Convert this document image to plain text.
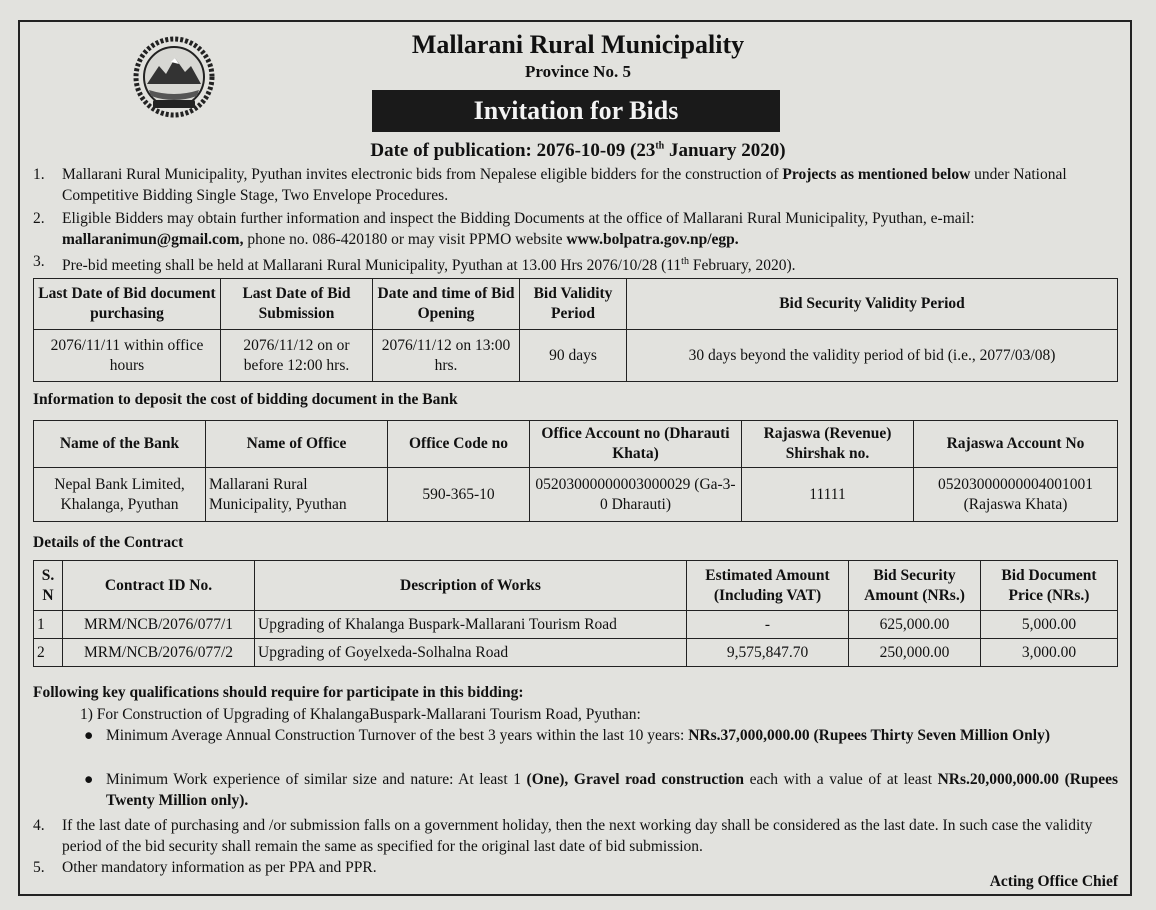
Mallarani Rural Municipality
Province No. 5
Invitation for Bids
Date of publication: 2076-10-09 (23th January 2020)
1.	Mallarani Rural Municipality, Pyuthan invites electronic bids from Nepalese eligible bidders for the construction of Projects as mentioned below under National Competitive Bidding Single Stage, Two Envelope Procedures.
2.	Eligible Bidders may obtain further information and inspect the Bidding Documents at the office of Mallarani Rural Municipality, Pyuthan, e-mail: mallaranimun@gmail.com, phone no. 086-420180 or may visit PPMO website www.bolpatra.gov.np/egp.
3.	Pre-bid meeting shall be held at Mallarani Rural Municipality, Pyuthan at 13.00 Hrs 2076/10/28 (11th February, 2020).
Last Date of Bid document purchasing	Last Date of Bid Submission	Date and time of Bid Opening	Bid Validity Period	Bid Security Validity Period
2076/11/11 within office hours	2076/11/12 on or before 12:00 hrs.	2076/11/12 on 13:00 hrs.	90 days	30 days beyond the validity period of bid (i.e., 2077/03/08)
Information to deposit the cost of bidding document in the Bank
Name of the Bank	Name of Office	Office Code no	Office Account no (Dharauti Khata)	Rajaswa (Revenue) Shirshak no.	Rajaswa Account No
Nepal Bank Limited, Khalanga, Pyuthan	Mallarani Rural Municipality, Pyuthan	590-365-10	05203000000003000029 (Ga-3-0 Dharauti)	11111	05203000000004001001 (Rajaswa Khata)
Details of the Contract
S. N	Contract ID No.	Description of Works	Estimated Amount (Including VAT)	Bid Security Amount (NRs.)	Bid Document Price (NRs.)
1	MRM/NCB/2076/077/1	Upgrading of Khalanga Buspark-Mallarani Tourism Road	-	625,000.00	5,000.00
2	MRM/NCB/2076/077/2	Upgrading of Goyelxeda-Solhalna Road	9,575,847.70	250,000.00	3,000.00
Following key qualifications should require for participate in this bidding:
1) For Construction of Upgrading of KhalangaBuspark-Mallarani Tourism Road, Pyuthan:
● Minimum Average Annual Construction Turnover of the best 3 years within the last 10 years: NRs.37,000,000.00 (Rupees Thirty Seven Million Only)
● Minimum Work experience of similar size and nature: At least 1 (One), Gravel road construction each with a value of at least NRs.20,000,000.00 (Rupees Twenty Million only).
4.	If the last date of purchasing and /or submission falls on a government holiday, then the next working day shall be considered as the last date. In such case the validity period of the bid security shall remain the same as specified for the original last date of bid submission.
5.	Other mandatory information as per PPA and PPR.
Acting Office Chief
